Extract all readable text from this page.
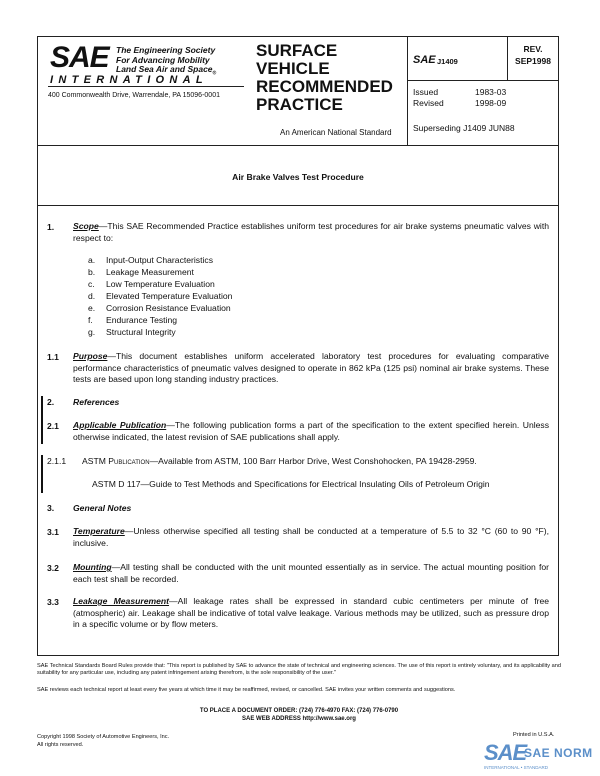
SAE The Engineering Society
For Advancing Mobility
Land Sea Air and Space$_®$
INTERNATIONAL
400 Commonwealth Drive, Warrendale, PA 15096-0001
SURFACE
VEHICLE
RECOMMENDED
PRACTICE
An American National Standard
SAE J1409
REV.
SEP1998
Issued	1983-03
Revised	1998-09
Superseding J1409 JUN88
Air Brake Valves Test Procedure
1. Scope—This SAE Recommended Practice establishes uniform test procedures for air brake systems pneumatic valves with respect to:
a. Input-Output Characteristics
b. Leakage Measurement
c. Low Temperature Evaluation
d. Elevated Temperature Evaluation
e. Corrosion Resistance Evaluation
f. Endurance Testing
g. Structural Integrity
1.1 Purpose—This document establishes uniform accelerated laboratory test procedures for evaluating comparative performance characteristics of pneumatic valves designed to operate in 862 kPa (125 psi) nominal air brake systems. These tests are based upon long standing industry practices.
2. References
2.1 Applicable Publication—The following publication forms a part of the specification to the extent specified herein. Unless otherwise indicated, the latest revision of SAE publications shall apply.
2.1.1 ASTM Publication—Available from ASTM, 100 Barr Harbor Drive, West Conshohocken, PA 19428-2959.
ASTM D 117—Guide to Test Methods and Specifications for Electrical Insulating Oils of Petroleum Origin
3. General Notes
3.1 Temperature—Unless otherwise specified all testing shall be conducted at a temperature of 5.5 to 32 °C (60 to 90 °F), inclusive.
3.2 Mounting—All testing shall be conducted with the unit mounted essentially as in service. The actual mounting position for each test shall be recorded.
3.3 Leakage Measurement—All leakage rates shall be expressed in standard cubic centimeters per minute of free (atmospheric) air. Leakage shall be indicative of total valve leakage. Various methods may be utilized, such as pressure drop in a specific volume or by flow meters.
SAE Technical Standards Board Rules provide that: "This report is published by SAE to advance the state of technical and engineering sciences. The use of this report is entirely voluntary, and its applicability and suitability for any particular use, including any patent infringement arising therefrom, is the sole responsibility of the user."
SAE reviews each technical report at least every five years at which time it may be reaffirmed, revised, or cancelled. SAE invites your written comments and suggestions.
TO PLACE A DOCUMENT ORDER: (724) 776-4970 FAX: (724) 776-0790
SAE WEB ADDRESS http://www.sae.org
Copyright 1998 Society of Automotive Engineers, Inc.
All rights reserved.
Printed in U.S.A.
SAE
SAE NORM
INTERNATIONAL • STANDARD
